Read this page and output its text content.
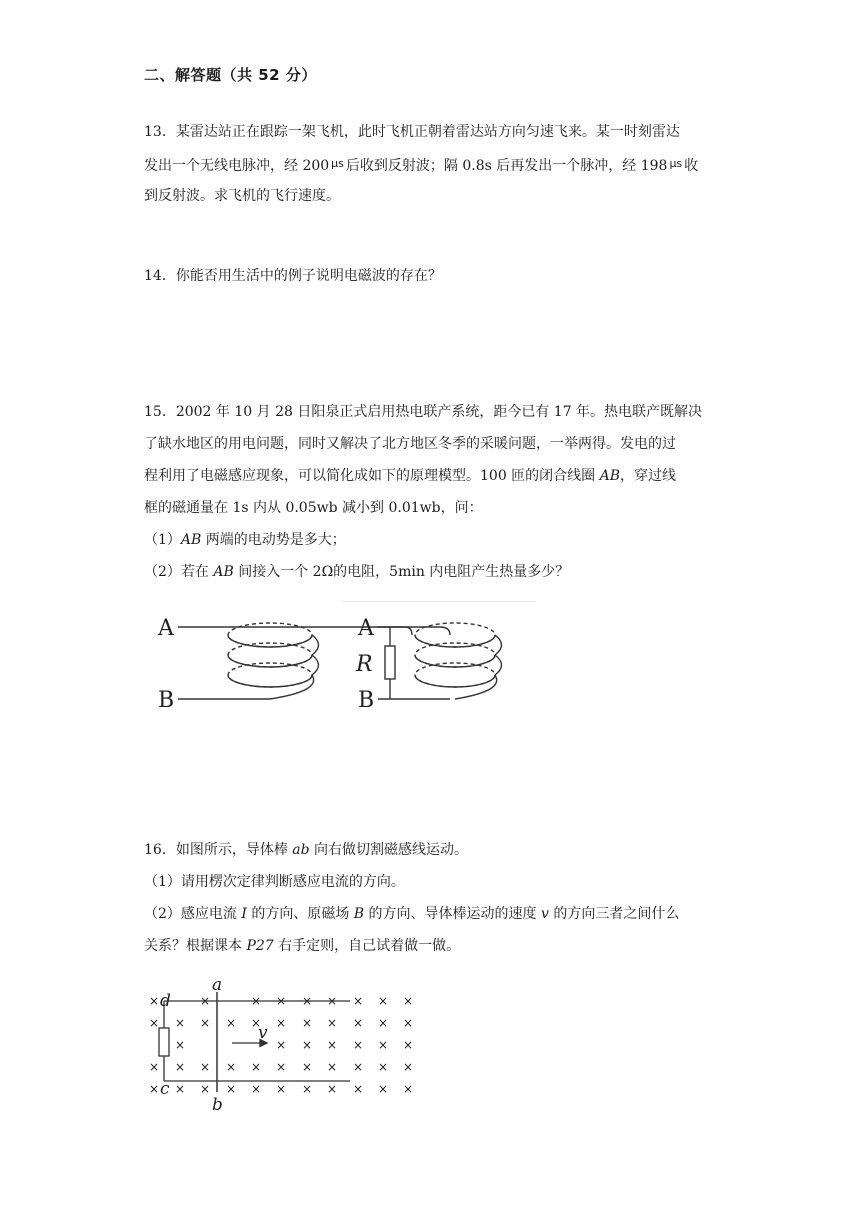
二、解答题（共 52 分）
13．某雷达站正在跟踪一架飞机，此时飞机正朝着雷达站方向匀速飞来。某一时刻雷达
发出一个无线电脉冲，经 200 $^{\mu s}$ 后收到反射波；隔 0.8s 后再发出一个脉冲，经 198 $^{\mu s}$ 收
到反射波。求飞机的飞行速度。
14．你能否用生活中的例子说明电磁波的存在？
15．2002 年 10 月 28 日阳泉正式启用热电联产系统，距今已有 17 年。热电联产既解决
了缺水地区的用电问题，同时又解决了北方地区冬季的采暖问题，一举两得。发电的过
程利用了电磁感应现象，可以简化成如下的原理模型。100 匝的闭合线圈 AB，穿过线
框的磁通量在 1s 内从 0.05wb 减小到 0.01wb，问：
（1）AB 两端的电动势是多大；
（2）若在 AB 间接入一个 2Ω的电阻，5min 内电阻产生热量多少？
A
B
A
B
R
16．如图所示，导体棒 ab 向右做切割磁感线运动。
（1）请用楞次定律判断感应电流的方向。
（2）感应电流 I 的方向、原磁场 B 的方向、导体棒运动的速度 v 的方向三者之间什么
关系？根据课本 P27 右手定则，自己试着做一做。
×	×	× × × × × × ×
× × × × × × × × × × ×
×	× × × × × ×
× × × × × × × × × × ×
× × × × × × × × × × ×
a
b
d
c
v
